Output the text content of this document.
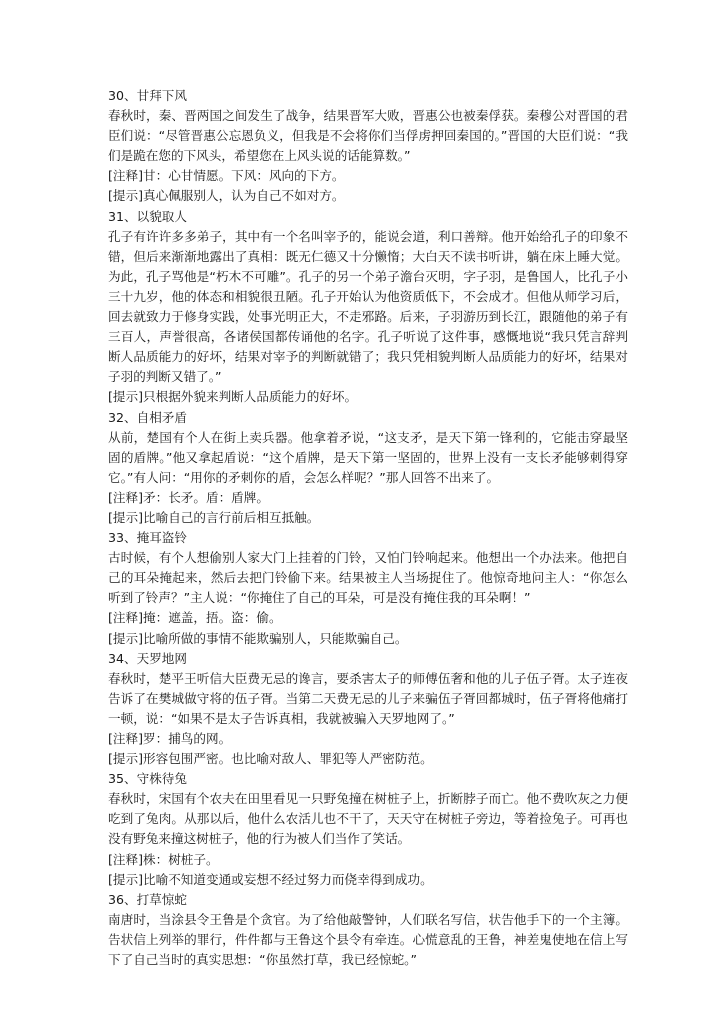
30、甘拜下风

春秋时，秦、晋两国之间发生了战争，结果晋军大败，晋惠公也被秦俘获。秦穆公对晋国的君臣们说：“尽管晋惠公忘恩负义，但我是不会将你们当俘虏押回秦国的。”晋国的大臣们说：“我们是跪在您的下风头，希望您在上风头说的话能算数。”

[注释]甘：心甘情愿。下风：风向的下方。

[提示]真心佩服别人，认为自己不如对方。

31、以貌取人

孔子有许许多多弟子，其中有一个名叫宰予的，能说会道，利口善辩。他开始给孔子的印象不错，但后来渐渐地露出了真相：既无仁德又十分懒惰；大白天不读书听讲，躺在床上睡大觉。为此，孔子骂他是“朽木不可雕”。孔子的另一个弟子澹台灭明，字子羽，是鲁国人，比孔子小三十九岁，他的体态和相貌很丑陋。孔子开始认为他资质低下，不会成才。但他从师学习后，回去就致力于修身实践，处事光明正大，不走邪路。后来，子羽游历到长江，跟随他的弟子有三百人，声誉很高，各诸侯国都传诵他的名字。孔子听说了这件事，感慨地说“我只凭言辞判断人品质能力的好坏，结果对宰予的判断就错了；我只凭相貌判断人品质能力的好坏，结果对子羽的判断又错了。”

[提示]只根据外貌来判断人品质能力的好坏。

32、自相矛盾

从前，楚国有个人在街上卖兵器。他拿着矛说，“这支矛，是天下第一锋利的，它能击穿最坚固的盾牌。”他又拿起盾说：“这个盾牌，是天下第一坚固的，世界上没有一支长矛能够刺得穿它。”有人问：“用你的矛刺你的盾，会怎么样呢？”那人回答不出来了。

[注释]矛：长矛。盾：盾牌。

[提示]比喻自己的言行前后相互抵触。

33、掩耳盗铃

古时候，有个人想偷别人家大门上挂着的门铃，又怕门铃响起来。他想出一个办法来。他把自己的耳朵掩起来，然后去把门铃偷下来。结果被主人当场捉住了。他惊奇地问主人：“你怎么听到了铃声？”主人说：“你掩住了自己的耳朵，可是没有掩住我的耳朵啊！”

[注释]掩：遮盖，捂。盗：偷。

[提示]比喻所做的事情不能欺骗别人，只能欺骗自己。

34、天罗地网

春秋时，楚平王听信大臣费无忌的谗言，要杀害太子的师傅伍奢和他的儿子伍子胥。太子连夜告诉了在樊城做守将的伍子胥。当第二天费无忌的儿子来骗伍子胥回都城时，伍子胥将他痛打一顿，说：“如果不是太子告诉真相，我就被骗入天罗地网了。”

[注释]罗：捕鸟的网。

[提示]形容包围严密。也比喻对敌人、罪犯等人严密防范。

35、守株待兔

春秋时，宋国有个农夫在田里看见一只野兔撞在树桩子上，折断脖子而亡。他不费吹灰之力便吃到了兔肉。从那以后，他什么农活儿也不干了，天天守在树桩子旁边，等着捡兔子。可再也没有野兔来撞这树桩子，他的行为被人们当作了笑话。

[注释]株：树桩子。

[提示]比喻不知道变通或妄想不经过努力而侥幸得到成功。

36、打草惊蛇

南唐时，当涂县令王鲁是个贪官。为了给他敲警钟，人们联名写信，状告他手下的一个主簿。告状信上列举的罪行，件件都与王鲁这个县令有牵连。心慌意乱的王鲁，神差鬼使地在信上写下了自己当时的真实思想：“你虽然打草，我已经惊蛇。”
